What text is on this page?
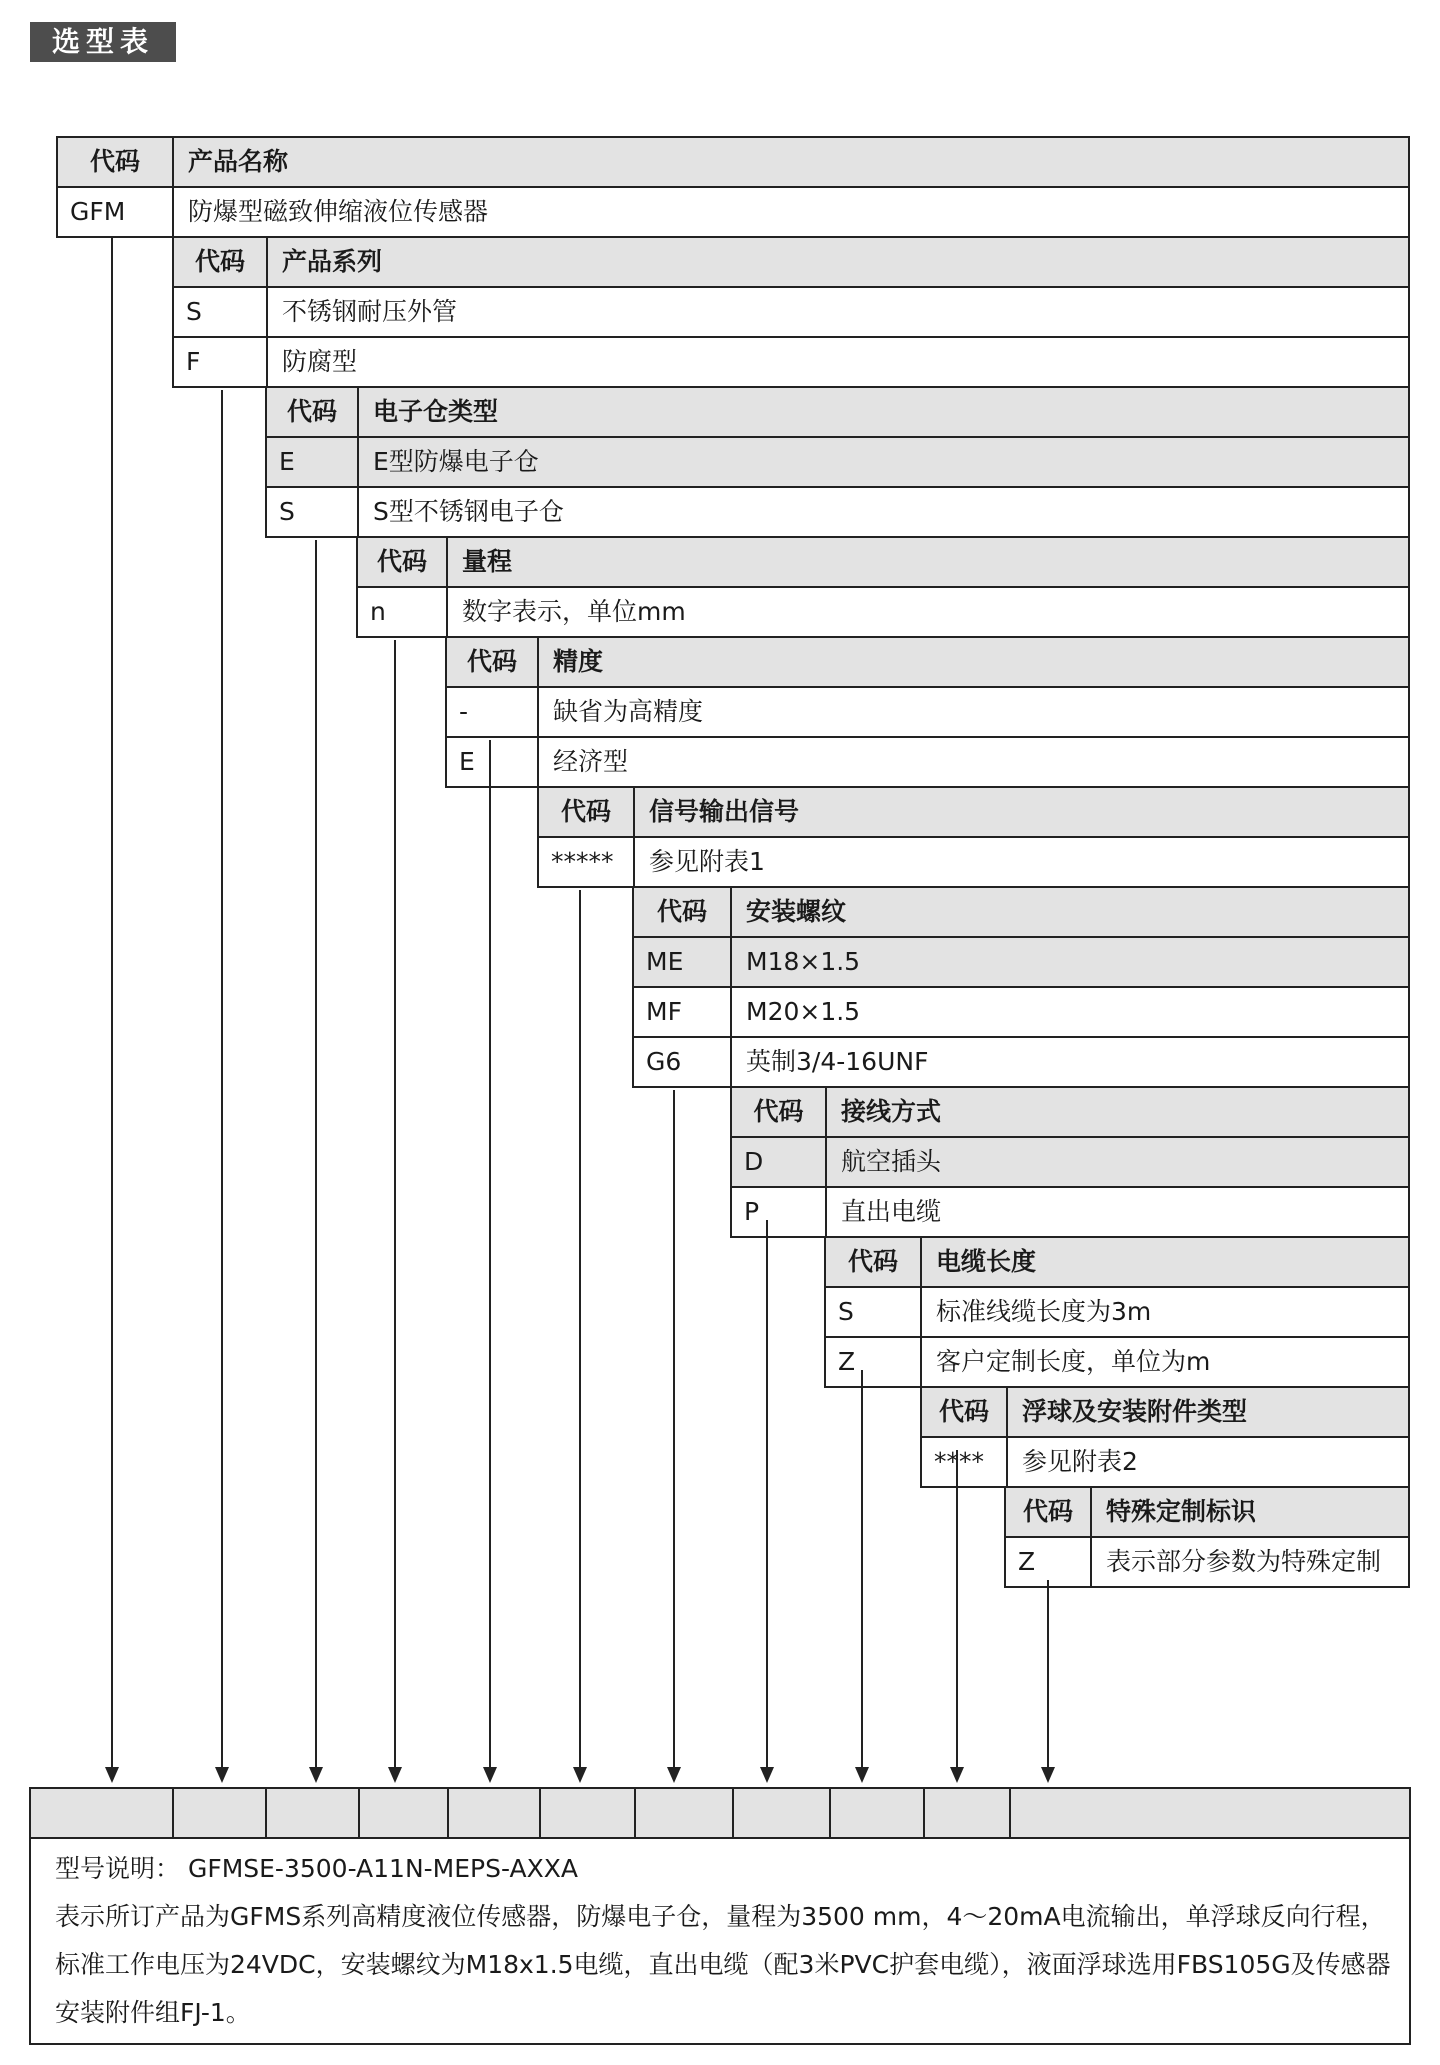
选型表
代码	产品名称
GFM	防爆型磁致伸缩液位传感器
代码	产品系列
S	不锈钢耐压外管
F	防腐型
代码	电子仓类型
E	E型防爆电子仓
S	S型不锈钢电子仓
代码	量程
n	数字表示，单位mm
代码	精度
-	缺省为高精度
E	经济型
代码	信号输出信号
*****	参见附表1
代码	安装螺纹
ME	M18×1.5
MF	M20×1.5
G6	英制3/4-16UNF
代码	接线方式
D	航空插头
P	直出电缆
代码	电缆长度
S	标准线缆长度为3m
Z	客户定制长度，单位为m
代码	浮球及安装附件类型
****	参见附表2
代码	特殊定制标识
Z	表示部分参数为特殊定制
型号说明： GFMSE-3500-A11N-MEPS-AXXA
表示所订产品为GFMS系列高精度液位传感器，防爆电子仓，量程为3500 mm，4～20mA电流输出，单浮球反向行程，标准工作电压为24VDC，安装螺纹为M18x1.5电缆，直出电缆（配3米PVC护套电缆），液面浮球选用FBS105G及传感器安装附件组FJ-1。
